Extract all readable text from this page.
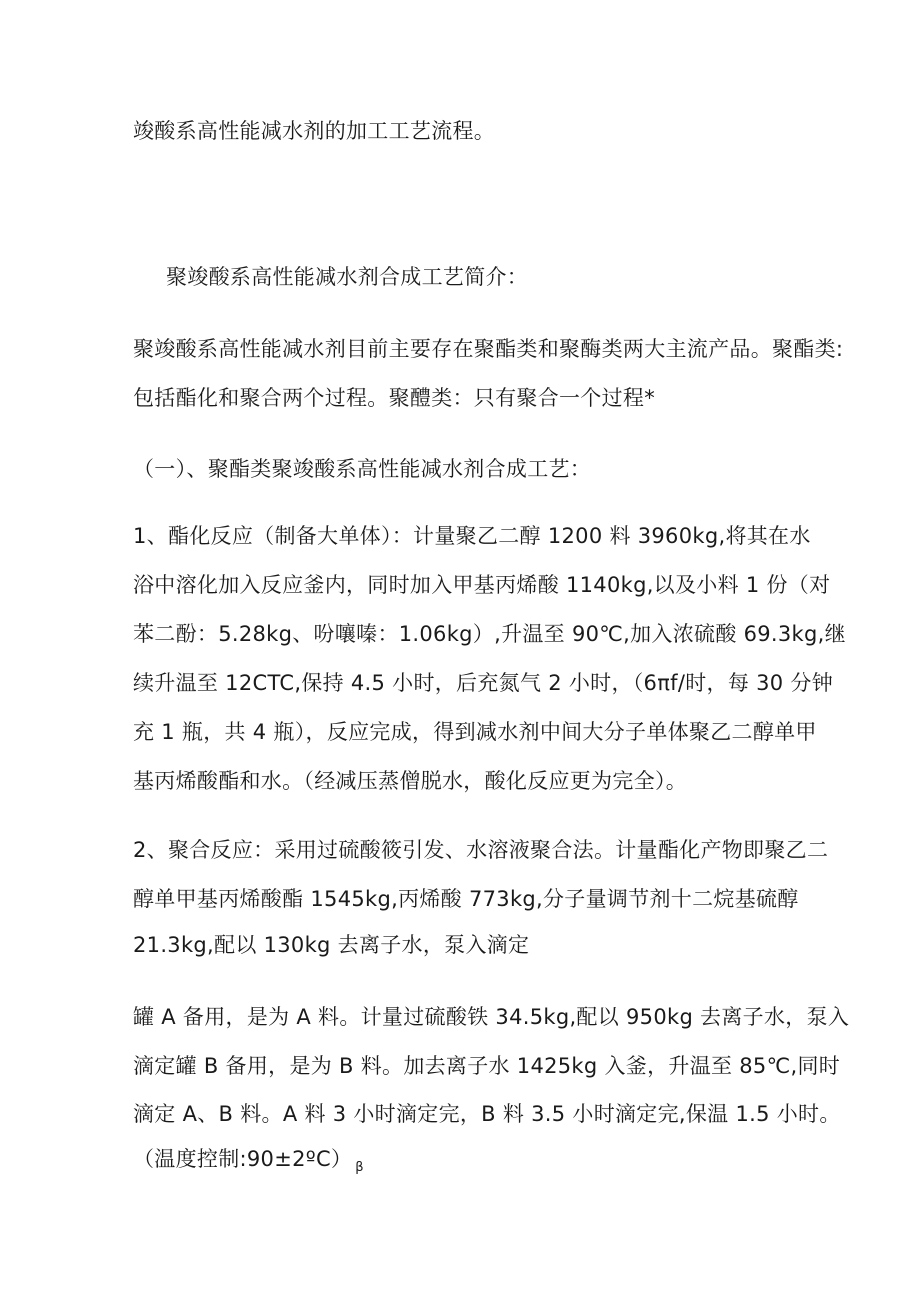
竣酸系高性能减水剂的加工工艺流程。
聚竣酸系高性能减水剂合成工艺简介：
聚竣酸系高性能减水剂目前主要存在聚酯类和聚酶类两大主流产品。聚酯类:
包括酯化和聚合两个过程。聚醴类：只有聚合一个过程*
（一）、聚酯类聚竣酸系高性能减水剂合成工艺：
1、酯化反应（制备大单体）：计量聚乙二醇 1200 料 3960kg,将其在水
浴中溶化加入反应釜内，同时加入甲基丙烯酸 1140kg,以及小料 1 份（对
苯二酚：5.28kg、吩嚷嗪：1.06kg）,升温至 90℃,加入浓硫酸 69.3kg,继
续升温至 12CTC,保持 4.5 小时，后充氮气 2 小时，（6πf/时，每 30 分钟
充 1 瓶，共 4 瓶），反应完成，得到减水剂中间大分子单体聚乙二醇单甲
基丙烯酸酯和水。（经减压蒸僧脱水，酸化反应更为完全）。
2、聚合反应：采用过硫酸筱引发、水溶液聚合法。计量酯化产物即聚乙二
醇单甲基丙烯酸酯 1545kg,丙烯酸 773kg,分子量调节剂十二烷基硫醇
21.3kg,配以 130kg 去离子水，泵入滴定
罐 A 备用，是为 A 料。计量过硫酸铁 34.5kg,配以 950kg 去离子水，泵入
滴定罐 B 备用，是为 B 料。加去离子水 1425kg 入釜，升温至 85℃,同时
滴定 A、B 料。A 料 3 小时滴定完，B 料 3.5 小时滴定完,保温 1.5 小时。
（温度控制:90±2ºC） $_\beta$
